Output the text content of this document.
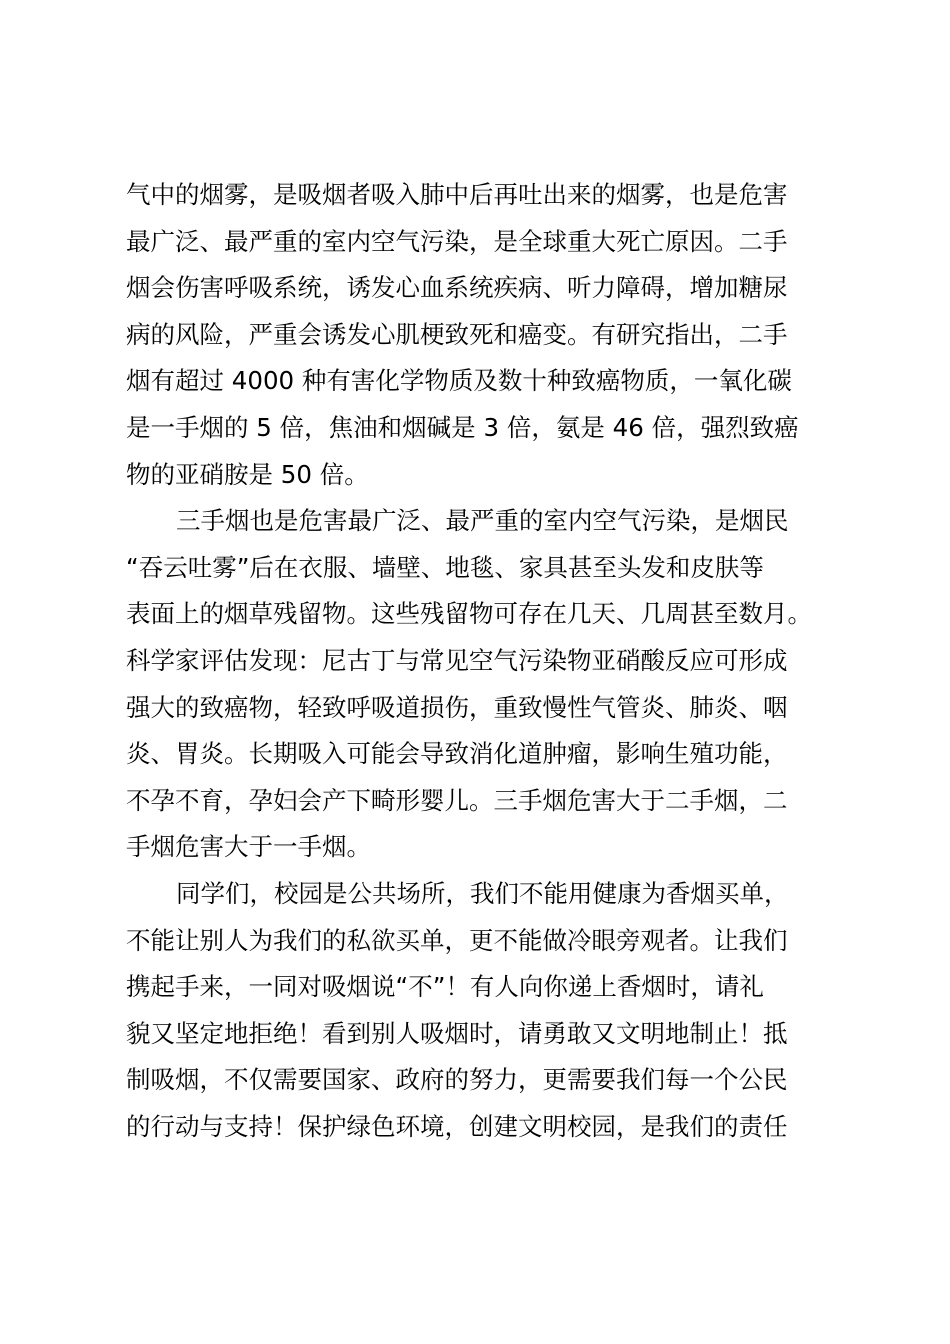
气中的烟雾，是吸烟者吸入肺中后再吐出来的烟雾，也是危害
最广泛、最严重的室内空气污染，是全球重大死亡原因。二手
烟会伤害呼吸系统，诱发心血系统疾病、听力障碍，增加糖尿
病的风险，严重会诱发心肌梗致死和癌变。有研究指出，二手
烟有超过 4000 种有害化学物质及数十种致癌物质，一氧化碳
是一手烟的 5 倍，焦油和烟碱是 3 倍，氨是 46 倍，强烈致癌
物的亚硝胺是 50 倍。
三手烟也是危害最广泛、最严重的室内空气污染，是烟民
“吞云吐雾”后在衣服、墙壁、地毯、家具甚至头发和皮肤等
表面上的烟草残留物。这些残留物可存在几天、几周甚至数月。
科学家评估发现：尼古丁与常见空气污染物亚硝酸反应可形成
强大的致癌物，轻致呼吸道损伤，重致慢性气管炎、肺炎、咽
炎、胃炎。长期吸入可能会导致消化道肿瘤，影响生殖功能，
不孕不育，孕妇会产下畸形婴儿。三手烟危害大于二手烟，二
手烟危害大于一手烟。
同学们，校园是公共场所，我们不能用健康为香烟买单，
不能让别人为我们的私欲买单，更不能做冷眼旁观者。让我们
携起手来，一同对吸烟说“不”！有人向你递上香烟时，请礼
貌又坚定地拒绝！看到别人吸烟时，请勇敢又文明地制止！抵
制吸烟，不仅需要国家、政府的努力，更需要我们每一个公民
的行动与支持！保护绿色环境，创建文明校园，是我们的责任
